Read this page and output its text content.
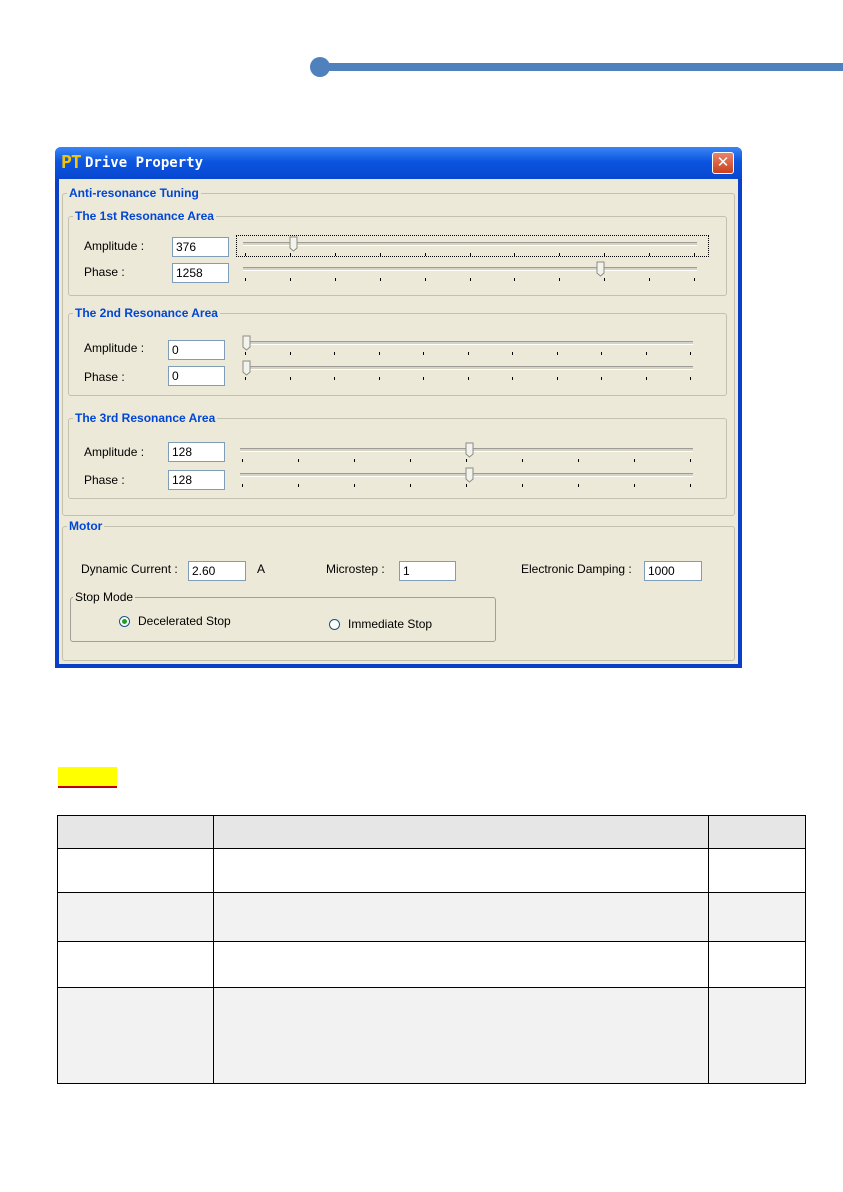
PT Drive Property	✕
Anti-resonance Tuning
The 1st Resonance Area
Amplitude :
376
Phase :
1258
The 2nd Resonance Area
Amplitude :
0
Phase :
0
The 3rd Resonance Area
Amplitude :
128
Phase :
128
Motor
Dynamic Current :
2.60	A	Microstep :
1	Electronic Damping :
1000
Stop Mode
Decelerated Stop	Immediate Stop
